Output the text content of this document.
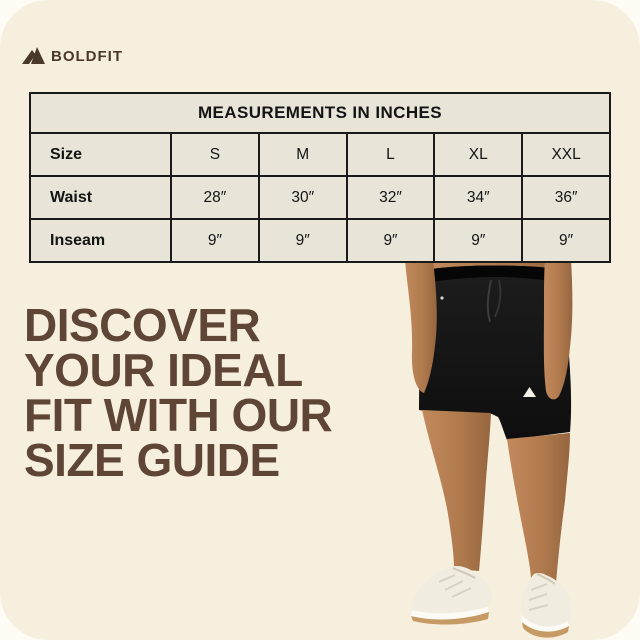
BOLDFIT
MEASUREMENTS IN INCHES					
Size	S	M	L	XL	XXL
Waist	28″	30″	32″	34″	36″
Inseam	9″	9″	9″	9″	9″
DISCOVER
YOUR IDEAL
FIT WITH OUR
SIZE GUIDE
